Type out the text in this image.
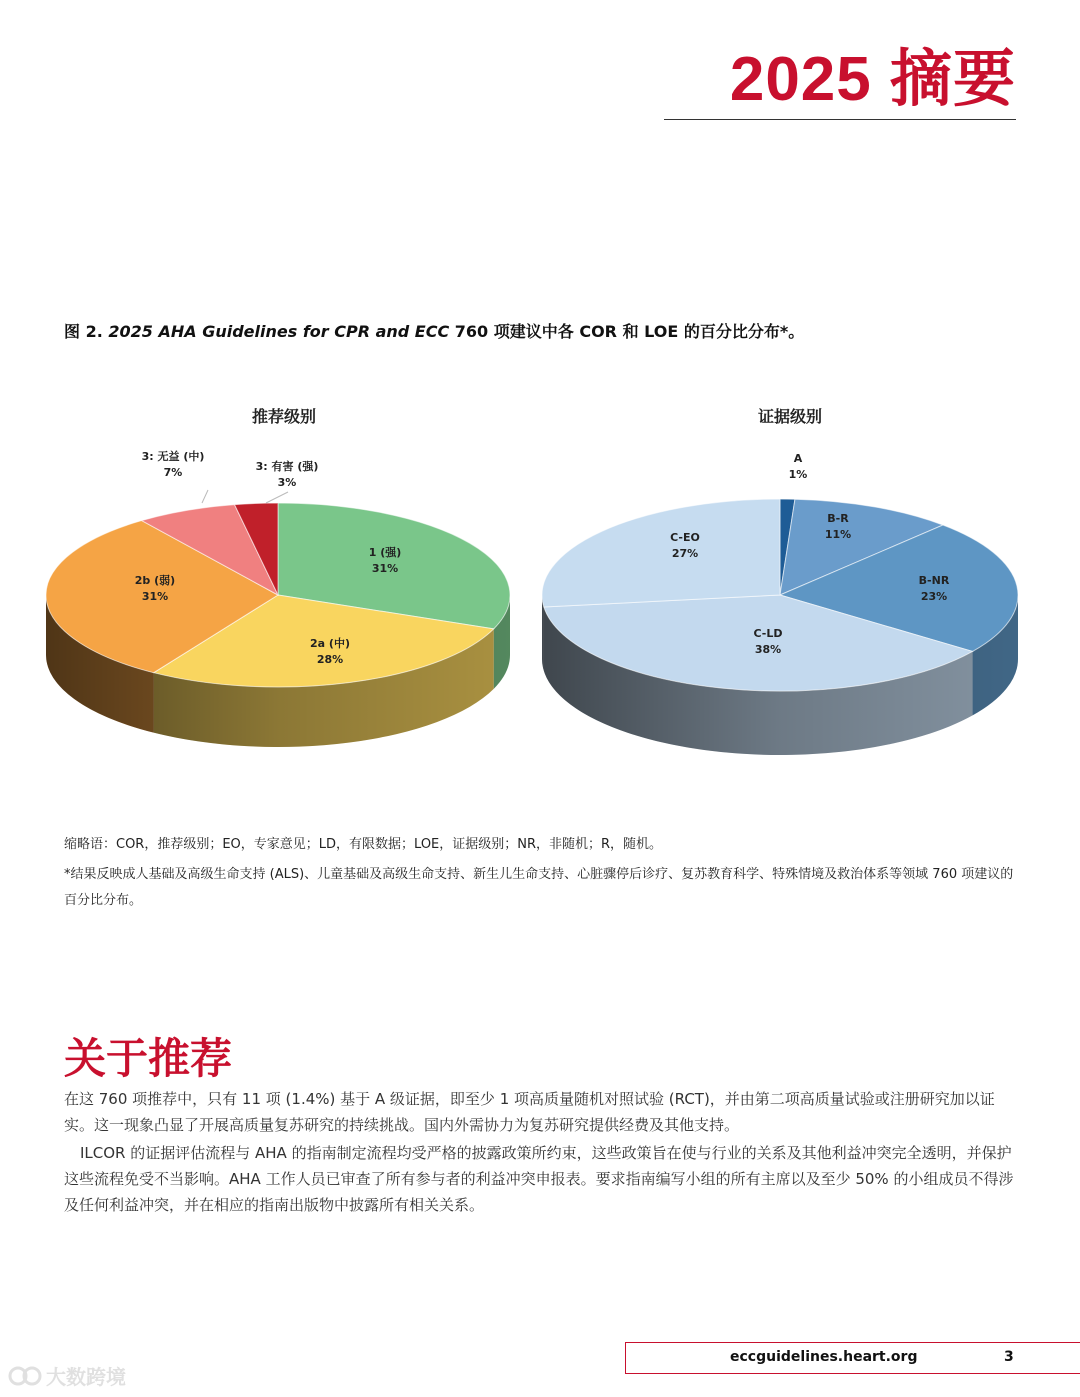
2025 摘要
图 2. 2025 AHA Guidelines for CPR and ECC 760 项建议中各 COR 和 LOE 的百分比分布*。
推荐级别	证据级别
1 (强)
31%
2a (中)
28%
2b (弱)
31%
3: 无益 (中)
7%	3: 有害 (强)
3%
A
1%
B-R
11%
B-NR
23%
C-LD
38%
C-EO
27%

缩略语：COR，推荐级别；EO，专家意见；LD，有限数据；LOE，证据级别；NR，非随机；R，随机。

*结果反映成人基础及高级生命支持 (ALS)、儿童基础及高级生命支持、新生儿生命支持、心脏骤停后诊疗、复苏教育科学、特殊情境及救治体系等领域 760 项建议的百分比分布。

关于推荐

在这 760 项推荐中，只有 11 项 (1.4%) 基于 A 级证据，即至少 1 项高质量随机对照试验 (RCT)，并由第二项高质量试验或注册研究加以证实。这一现象凸显了开展高质量复苏研究的持续挑战。国内外需协力为复苏研究提供经费及其他支持。

ILCOR 的证据评估流程与 AHA 的指南制定流程均受严格的披露政策所约束，这些政策旨在使与行业的关系及其他利益冲突完全透明，并保护这些流程免受不当影响。AHA 工作人员已审查了所有参与者的利益冲突申报表。要求指南编写小组的所有主席以及至少 50% 的小组成员不得涉及任何利益冲突，并在相应的指南出版物中披露所有相关关系。

eccguidelines.heart.org	3
大数跨境
